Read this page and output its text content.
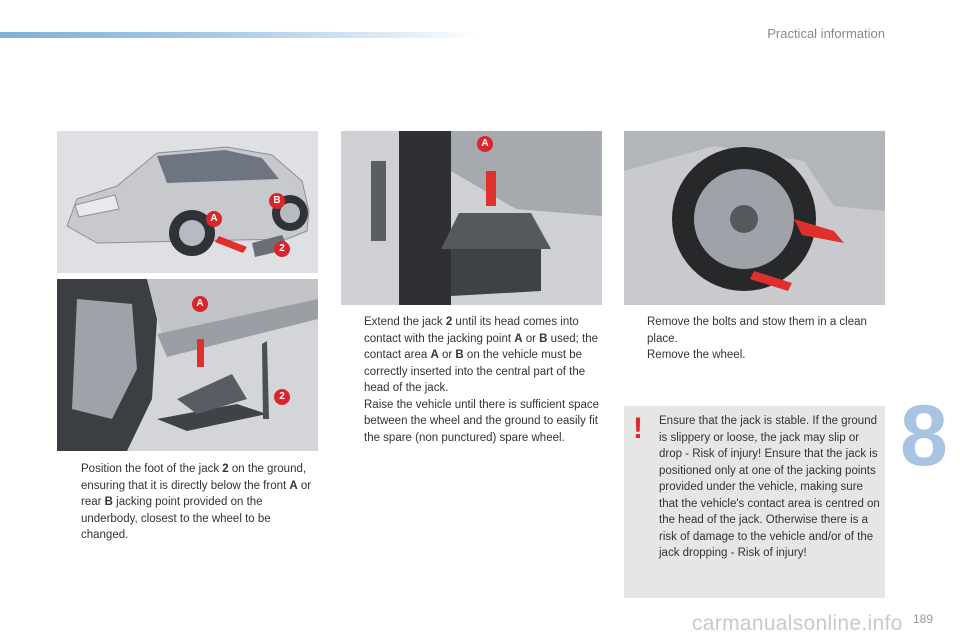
Practical information
A
B
2
A
2
A

Position the foot of the jack 2 on the ground, ensuring that it is directly below the front A or rear B jacking point provided on the underbody, closest to the wheel to be changed.

Extend the jack 2 until its head comes into contact with the jacking point A or B used; the contact area A or B on the vehicle must be correctly inserted into the central part of the head of the jack.

Raise the vehicle until there is sufficient space between the wheel and the ground to easily fit the spare (non punctured) spare wheel.

Remove the bolts and stow them in a clean place.

Remove the wheel.

! Ensure that the jack is stable. If the ground is slippery or loose, the jack may slip or drop - Risk of injury! Ensure that the jack is positioned only at one of the jacking points provided under the vehicle, making sure that the vehicle's contact area is centred on the head of the jack. Otherwise there is a risk of damage to the vehicle and/or of the jack dropping - Risk of injury!
8
carmanualsonline.info 189
